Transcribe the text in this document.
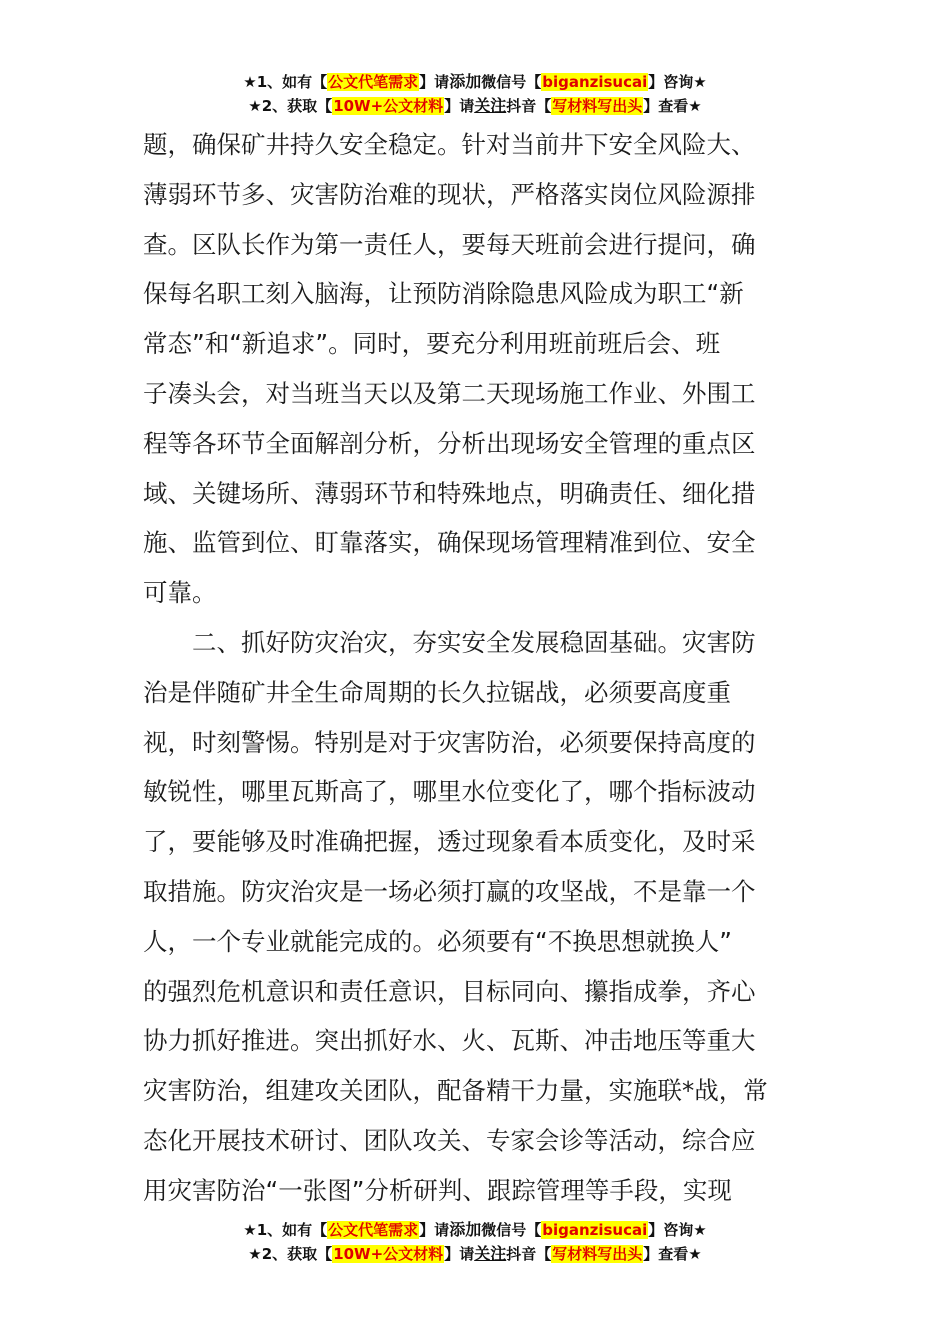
★1、如有【公文代笔需求】请添加微信号【biganzisucai】咨询★
★2、获取【10W+公文材料】请关注抖音【写材料写出头】查看★
题，确保矿井持久安全稳定。针对当前井下安全风险大、
薄弱环节多、灾害防治难的现状，严格落实岗位风险源排
查。区队长作为第一责任人，要每天班前会进行提问，确
保每名职工刻入脑海，让预防消除隐患风险成为职工“新
常态”和“新追求”。同时，要充分利用班前班后会、班
子凑头会，对当班当天以及第二天现场施工作业、外围工
程等各环节全面解剖分析，分析出现场安全管理的重点区
域、关键场所、薄弱环节和特殊地点，明确责任、细化措
施、监管到位、盯靠落实，确保现场管理精准到位、安全
可靠。
二、抓好防灾治灾，夯实安全发展稳固基础。灾害防
治是伴随矿井全生命周期的长久拉锯战，必须要高度重
视，时刻警惕。特别是对于灾害防治，必须要保持高度的
敏锐性，哪里瓦斯高了，哪里水位变化了，哪个指标波动
了，要能够及时准确把握，透过现象看本质变化，及时采
取措施。防灾治灾是一场必须打赢的攻坚战，不是靠一个
人，一个专业就能完成的。必须要有“不换思想就换人”
的强烈危机意识和责任意识，目标同向、攥指成拳，齐心
协力抓好推进。突出抓好水、火、瓦斯、冲击地压等重大
灾害防治，组建攻关团队，配备精干力量，实施联*战，常
态化开展技术研讨、团队攻关、专家会诊等活动，综合应
用灾害防治“一张图”分析研判、跟踪管理等手段，实现
★1、如有【公文代笔需求】请添加微信号【biganzisucai】咨询★
★2、获取【10W+公文材料】请关注抖音【写材料写出头】查看★
